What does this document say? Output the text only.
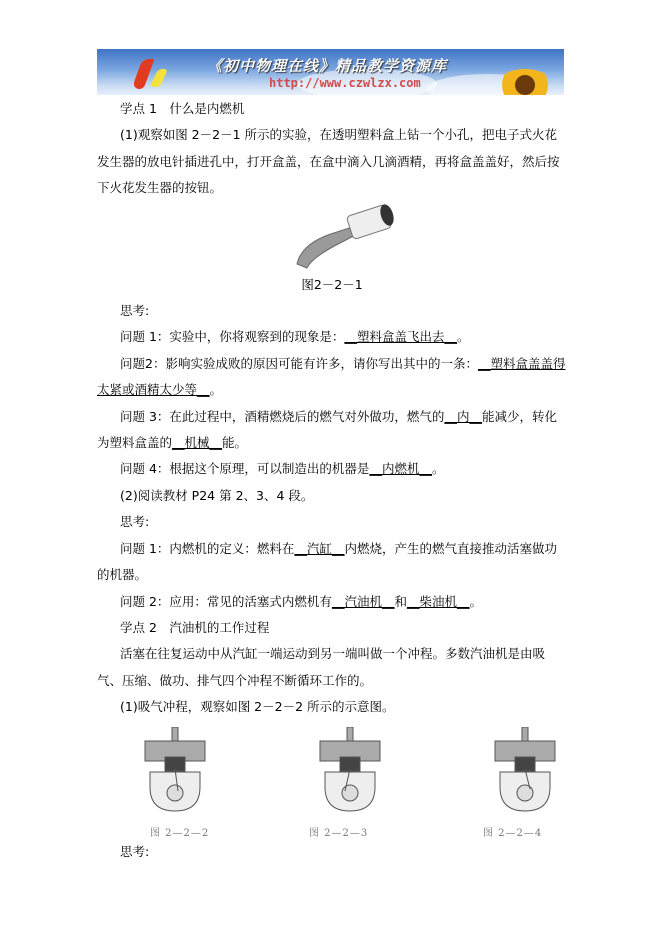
《初中物理在线》精品教学资源库
http://www.czwlzx.com

学点 1　什么是内燃机

(1)观察如图 2－2－1 所示的实验，在透明塑料盒上钻一个小孔，把电子式火花发生器的放电针插进孔中，打开盒盖，在盒中滴入几滴酒精，再将盒盖盖好，然后按下火花发生器的按钮。

图2－2－1

思考:

问题 1：实验中，你将观察到的现象是：__塑料盒盖飞出去__。

问题2：影响实验成败的原因可能有许多，请你写出其中的一条：__塑料盒盖盖得太紧或酒精太少等__。

问题 3：在此过程中，酒精燃烧后的燃气对外做功，燃气的__内__能减少，转化为塑料盒盖的__机械__能。

问题 4：根据这个原理，可以制造出的机器是__内燃机__。

(2)阅读教材 P24 第 2、3、4 段。

思考:

问题 1：内燃机的定义：燃料在__汽缸__内燃烧，产生的燃气直接推动活塞做功的机器。

问题 2：应用：常见的活塞式内燃机有__汽油机__和__柴油机__。

学点 2　汽油机的工作过程

活塞在往复运动中从汽缸一端运动到另一端叫做一个冲程。多数汽油机是由吸气、压缩、做功、排气四个冲程不断循环工作的。

(1)吸气冲程，观察如图 2－2－2 所示的示意图。

图 2—2—2	图 2—2—3	图 2—2—4

思考:
